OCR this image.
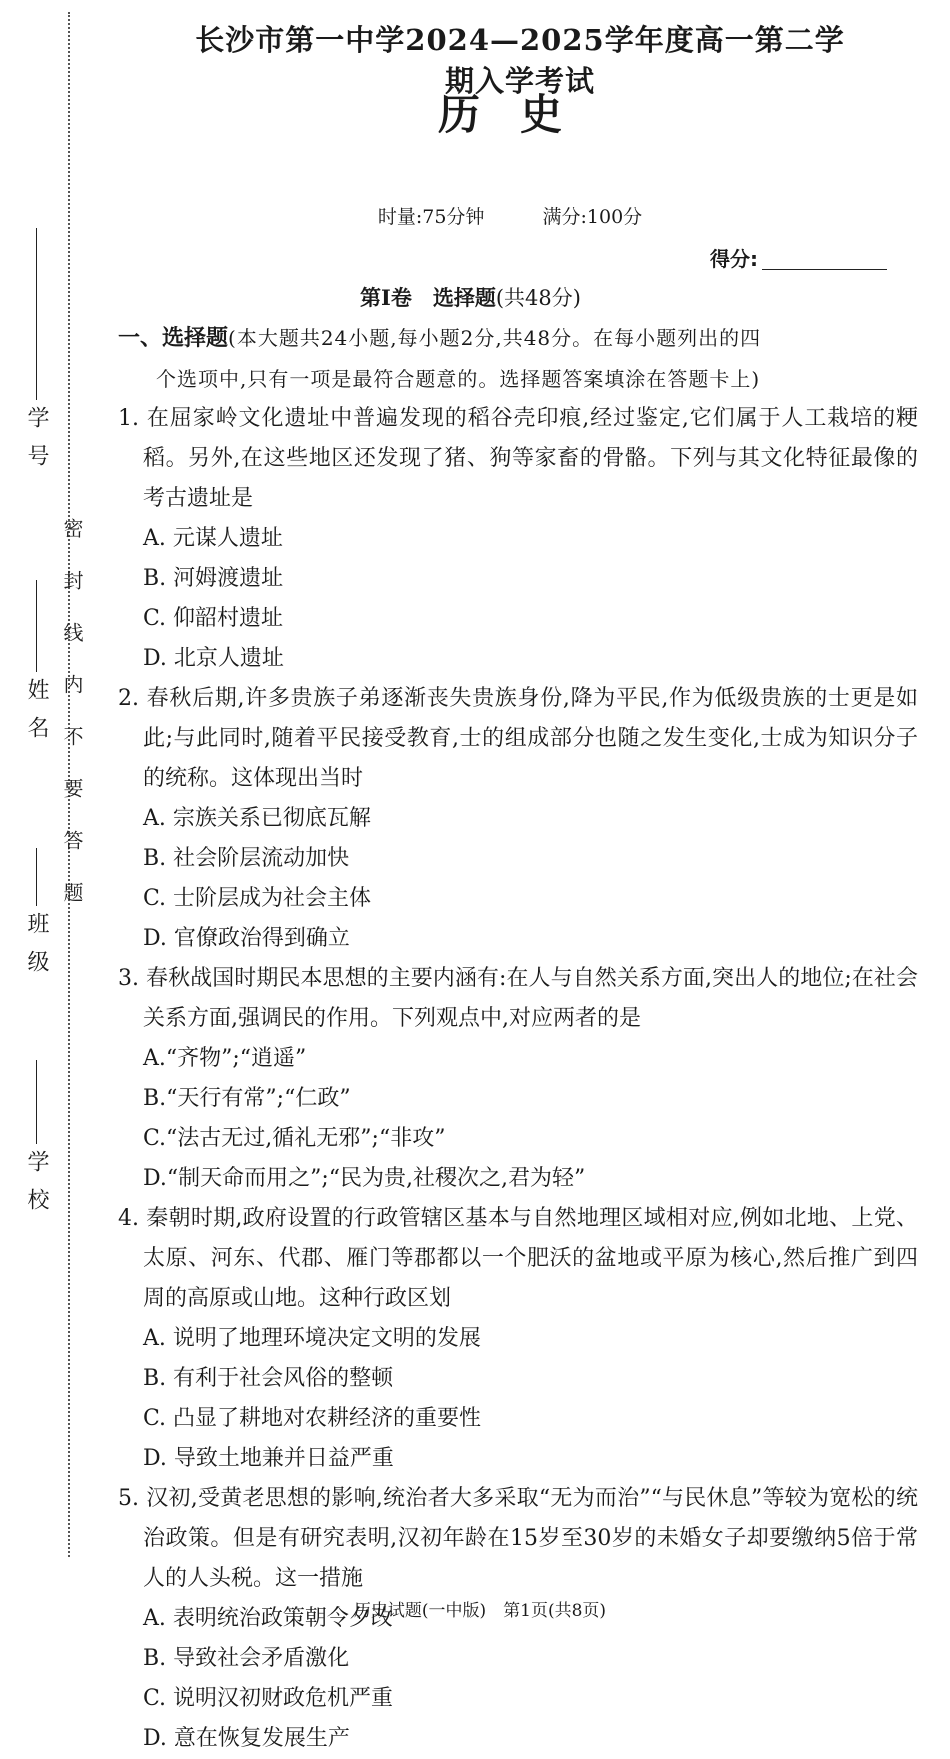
学号
姓名
班级
学校
密封线内不要答题
长沙市第一中学2024—2025学年度高一第二学期入学考试
历史
时量:75分钟	满分:100分
得分:
第Ⅰ卷　选择题(共48分)
一、选择题(本大题共24小题,每小题2分,共48分。在每小题列出的四
个选项中,只有一项是最符合题意的。选择题答案填涂在答题卡上)
1. 在屈家岭文化遗址中普遍发现的稻谷壳印痕,经过鉴定,它们属于人工栽培的粳稻。另外,在这些地区还发现了猪、狗等家畜的骨骼。下列与其文化特征最像的考古遗址是
A. 元谋人遗址
B. 河姆渡遗址
C. 仰韶村遗址
D. 北京人遗址
2. 春秋后期,许多贵族子弟逐渐丧失贵族身份,降为平民,作为低级贵族的士更是如此;与此同时,随着平民接受教育,士的组成部分也随之发生变化,士成为知识分子的统称。这体现出当时
A. 宗族关系已彻底瓦解
B. 社会阶层流动加快
C. 士阶层成为社会主体
D. 官僚政治得到确立
3. 春秋战国时期民本思想的主要内涵有:在人与自然关系方面,突出人的地位;在社会关系方面,强调民的作用。下列观点中,对应两者的是
A.“齐物”;“逍遥”
B.“天行有常”;“仁政”
C.“法古无过,循礼无邪”;“非攻”
D.“制天命而用之”;“民为贵,社稷次之,君为轻”
4. 秦朝时期,政府设置的行政管辖区基本与自然地理区域相对应,例如北地、上党、太原、河东、代郡、雁门等郡都以一个肥沃的盆地或平原为核心,然后推广到四周的高原或山地。这种行政区划
A. 说明了地理环境决定文明的发展
B. 有利于社会风俗的整顿
C. 凸显了耕地对农耕经济的重要性
D. 导致土地兼并日益严重
5. 汉初,受黄老思想的影响,统治者大多采取“无为而治”“与民休息”等较为宽松的统治政策。但是有研究表明,汉初年龄在15岁至30岁的未婚女子却要缴纳5倍于常人的人头税。这一措施
A. 表明统治政策朝令夕改
B. 导致社会矛盾激化
C. 说明汉初财政危机严重
D. 意在恢复发展生产
历史试题(一中版)　第1页(共8页)
